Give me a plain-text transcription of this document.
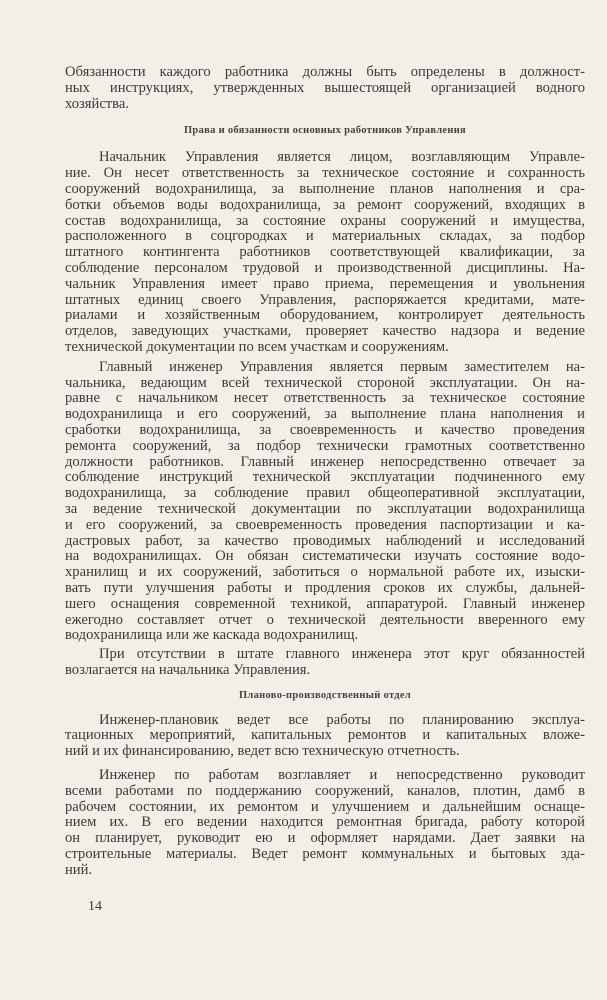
Обязанности каждого работника должны быть определены в должност-
ных инструкциях, утвержденных вышестоящей организацией водного
хозяйства.
Права и обязанности основных работников Управления
Начальник Управления является лицом, возглавляющим Управле-
ние. Он несет ответственность за техническое состояние и сохранность
сооружений водохранилища, за выполнение планов наполнения и сра-
ботки объемов воды водохранилища, за ремонт сооружений, входящих в
состав водохранилища, за состояние охраны сооружений и имущества,
расположенного в соцгородках и материальных складах, за подбор
штатного контингента работников соответствующей квалификации, за
соблюдение персоналом трудовой и производственной дисциплины. На-
чальник Управления имеет право приема, перемещения и увольнения
штатных единиц своего Управления, распоряжается кредитами, мате-
риалами и хозяйственным оборудованием, контролирует деятельность
отделов, заведующих участками, проверяет качество надзора и ведение
технической документации по всем участкам и сооружениям.
Главный инженер Управления является первым заместителем на-
чальника, ведающим всей технической стороной эксплуатации. Он на-
равне с начальником несет ответственность за техническое состояние
водохранилища и его сооружений, за выполнение плана наполнения и
сработки водохранилища, за своевременность и качество проведения
ремонта сооружений, за подбор технически грамотных соответственно
должности работников. Главный инженер непосредственно отвечает за
соблюдение инструкций технической эксплуатации подчиненного ему
водохранилища, за соблюдение правил общеоперативной эксплуатации,
за ведение технической документации по эксплуатации водохранилища
и его сооружений, за своевременность проведения паспортизации и ка-
дастровых работ, за качество проводимых наблюдений и исследований
на водохранилищах. Он обязан систематически изучать состояние водо-
хранилищ и их сооружений, заботиться о нормальной работе их, изыски-
вать пути улучшения работы и продления сроков их службы, дальней-
шего оснащения современной техникой, аппаратурой. Главный инженер
ежегодно составляет отчет о технической деятельности вверенного ему
водохранилища или же каскада водохранилищ.
При отсутствии в штате главного инженера этот круг обязанностей
возлагается на начальника Управления.
Планово-производственный отдел
Инженер-плановик ведет все работы по планированию эксплуа-
тационных мероприятий, капитальных ремонтов и капитальных вложе-
ний и их финансированию, ведет всю техническую отчетность.
Инженер по работам возглавляет и непосредственно руководит
всеми работами по поддержанию сооружений, каналов, плотин, дамб в
рабочем состоянии, их ремонтом и улучшением и дальнейшим оснаще-
нием их. В его ведении находится ремонтная бригада, работу которой
он планирует, руководит ею и оформляет нарядами. Дает заявки на
строительные материалы. Ведет ремонт коммунальных и бытовых зда-
ний.
14
